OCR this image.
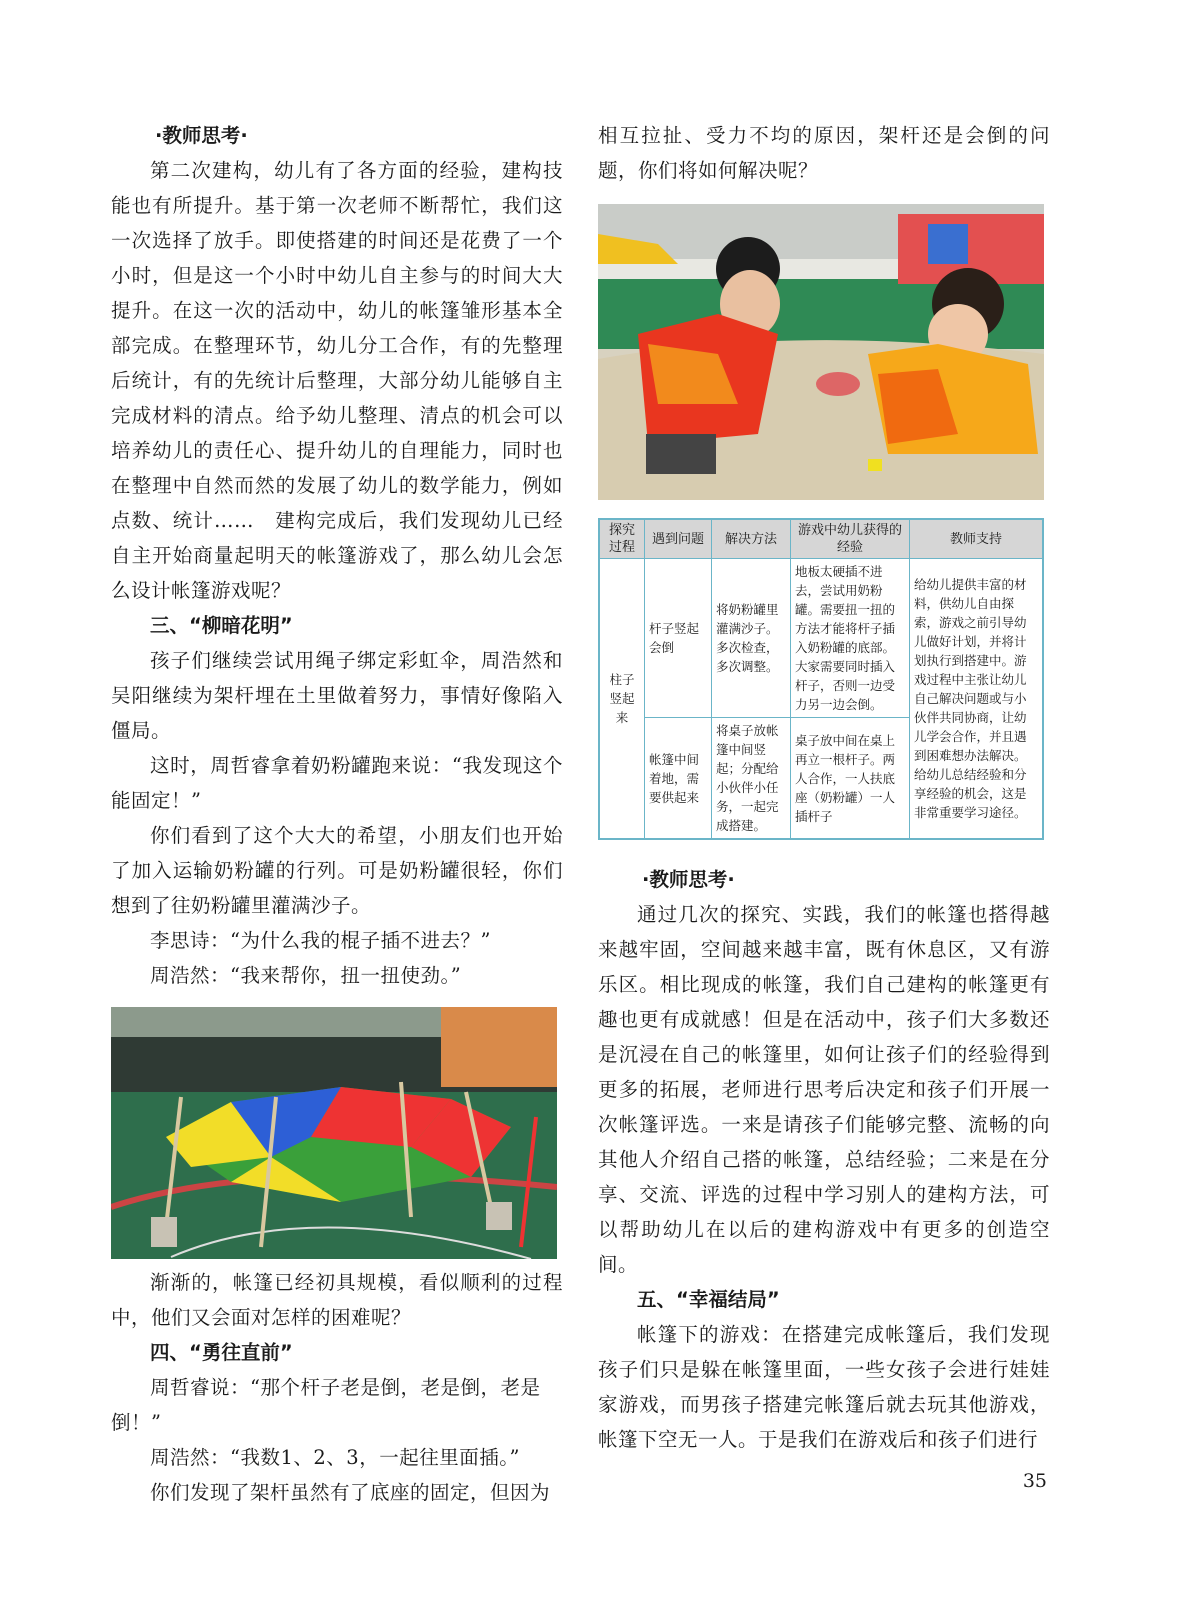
·教师思考·

第二次建构，幼儿有了各方面的经验，建构技能也有所提升。基于第一次老师不断帮忙，我们这一次选择了放手。即使搭建的时间还是花费了一个小时，但是这一个小时中幼儿自主参与的时间大大提升。在这一次的活动中，幼儿的帐篷雏形基本全部完成。在整理环节，幼儿分工合作，有的先整理后统计，有的先统计后整理，大部分幼儿能够自主完成材料的清点。给予幼儿整理、清点的机会可以培养幼儿的责任心、提升幼儿的自理能力，同时也在整理中自然而然的发展了幼儿的数学能力，例如点数、统计……　建构完成后，我们发现幼儿已经自主开始商量起明天的帐篷游戏了，那么幼儿会怎么设计帐篷游戏呢？

三、“柳暗花明”

孩子们继续尝试用绳子绑定彩虹伞，周浩然和吴阳继续为架杆埋在土里做着努力，事情好像陷入僵局。

这时，周哲睿拿着奶粉罐跑来说：“我发现这个能固定！”

你们看到了这个大大的希望，小朋友们也开始了加入运输奶粉罐的行列。可是奶粉罐很轻，你们想到了往奶粉罐里灌满沙子。

李思诗：“为什么我的棍子插不进去？”

周浩然：“我来帮你，扭一扭使劲。”

渐渐的，帐篷已经初具规模，看似顺利的过程中，他们又会面对怎样的困难呢？

四、“勇往直前”

周哲睿说：“那个杆子老是倒，老是倒，老是倒！”

周浩然：“我数1、2、3，一起往里面插。”

你们发现了架杆虽然有了底座的固定，但因为

相互拉扯、受力不均的原因，架杆还是会倒的问题，你们将如何解决呢？

探究过程	遇到问题	解决方法	游戏中幼儿获得的经验	教师支持
柱子竖起来	杆子竖起会倒	将奶粉罐里灌满沙子。多次检查，多次调整。	地板太硬插不进去，尝试用奶粉罐。需要扭一扭的方法才能将杆子插入奶粉罐的底部。大家需要同时插入杆子，否则一边受力另一边会倒。	给幼儿提供丰富的材料，供幼儿自由探索，游戏之前引导幼儿做好计划，并将计划执行到搭建中。游戏过程中主张让幼儿自己解决问题或与小伙伴共同协商，让幼儿学会合作，并且遇到困难想办法解决。给幼儿总结经验和分享经验的机会，这是非常重要学习途径。
	帐篷中间着地，需要供起来	将桌子放帐篷中间竖起；分配给小伙伴小任务，一起完成搭建。	桌子放中间在桌上再立一根杆子。两人合作，一人扶底座（奶粉罐）一人插杆子	

·教师思考·

通过几次的探究、实践，我们的帐篷也搭得越来越牢固，空间越来越丰富，既有休息区，又有游乐区。相比现成的帐篷，我们自己建构的帐篷更有趣也更有成就感！但是在活动中，孩子们大多数还是沉浸在自己的帐篷里，如何让孩子们的经验得到更多的拓展，老师进行思考后决定和孩子们开展一次帐篷评选。一来是请孩子们能够完整、流畅的向其他人介绍自己搭的帐篷，总结经验；二来是在分享、交流、评选的过程中学习别人的建构方法，可以帮助幼儿在以后的建构游戏中有更多的创造空间。

五、“幸福结局”

帐篷下的游戏：在搭建完成帐篷后，我们发现孩子们只是躲在帐篷里面，一些女孩子会进行娃娃家游戏，而男孩子搭建完帐篷后就去玩其他游戏，帐篷下空无一人。于是我们在游戏后和孩子们进行

35
